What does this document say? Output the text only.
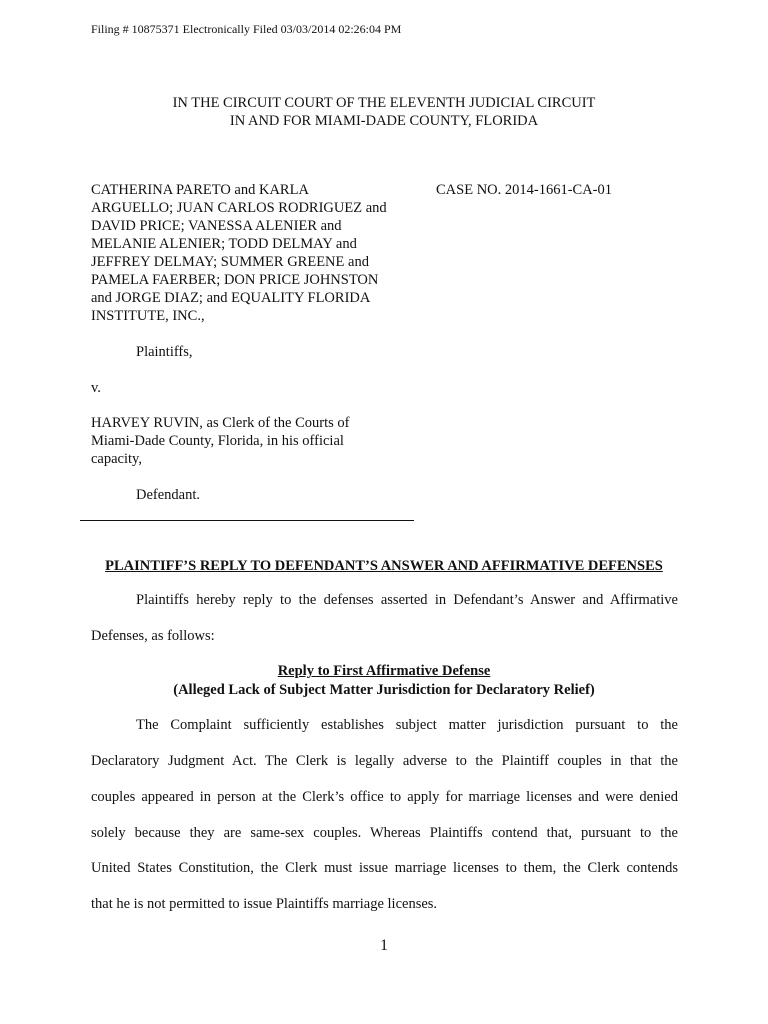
Filing # 10875371 Electronically Filed 03/03/2014 02:26:04 PM
IN THE CIRCUIT COURT OF THE ELEVENTH JUDICIAL CIRCUIT
IN AND FOR MIAMI-DADE COUNTY, FLORIDA
CATHERINA PARETO and KARLA
ARGUELLO; JUAN CARLOS RODRIGUEZ and
DAVID PRICE; VANESSA ALENIER and
MELANIE ALENIER; TODD DELMAY and
JEFFREY DELMAY; SUMMER GREENE and
PAMELA FAERBER; DON PRICE JOHNSTON
and JORGE DIAZ; and EQUALITY FLORIDA
INSTITUTE, INC.,
CASE NO. 2014-1661-CA-01
Plaintiffs,
v.
HARVEY RUVIN, as Clerk of the Courts of
Miami-Dade County, Florida, in his official
capacity,
Defendant.
PLAINTIFF’S REPLY TO DEFENDANT’S ANSWER AND AFFIRMATIVE DEFENSES
Plaintiffs hereby reply to the defenses asserted in Defendant’s Answer and Affirmative
Defenses, as follows:
Reply to First Affirmative Defense
(Alleged Lack of Subject Matter Jurisdiction for Declaratory Relief)
The Complaint sufficiently establishes subject matter jurisdiction pursuant to the
Declaratory Judgment Act. The Clerk is legally adverse to the Plaintiff couples in that the
couples appeared in person at the Clerk’s office to apply for marriage licenses and were denied
solely because they are same-sex couples. Whereas Plaintiffs contend that, pursuant to the
United States Constitution, the Clerk must issue marriage licenses to them, the Clerk contends
that he is not permitted to issue Plaintiffs marriage licenses.
1
